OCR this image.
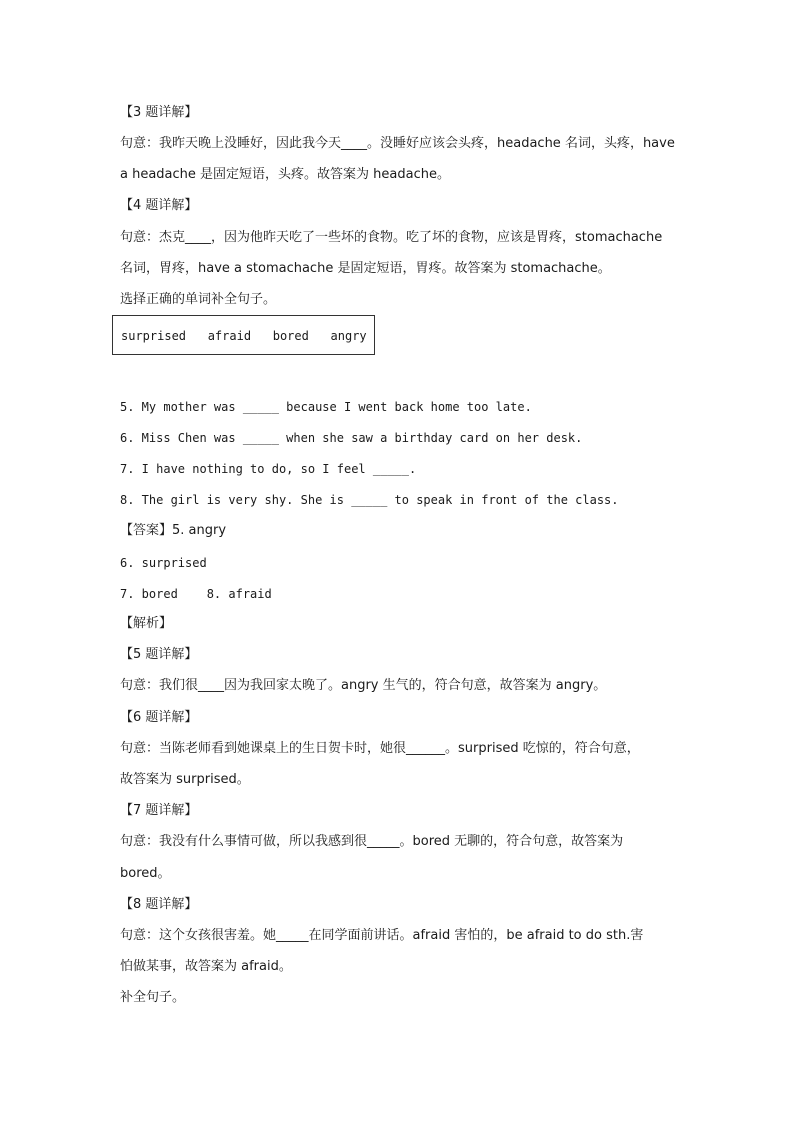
【3 题详解】
句意：我昨天晚上没睡好，因此我今天____。没睡好应该会头疼，headache 名词，头疼，have
a headache 是固定短语，头疼。故答案为 headache。
【4 题详解】
句意：杰克____，因为他昨天吃了一些坏的食物。吃了坏的食物，应该是胃疼，stomachache
名词，胃疼，have a stomachache 是固定短语，胃疼。故答案为 stomachache。
选择正确的单词补全句子。
surprised   afraid   bored   angry
5. My mother was _____ because I went back home too late.
6. Miss Chen was _____ when she saw a birthday card on her desk.
7. I have nothing to do, so I feel _____.
8. The girl is very shy. She is _____ to speak in front of the class.
【答案】5. angry
6. surprised
7. bored    8. afraid
【解析】
【5 题详解】
句意：我们很____因为我回家太晚了。angry 生气的，符合句意，故答案为 angry。
【6 题详解】
句意：当陈老师看到她课桌上的生日贺卡时，她很______。surprised 吃惊的，符合句意，
故答案为 surprised。
【7 题详解】
句意：我没有什么事情可做，所以我感到很_____。bored 无聊的，符合句意，故答案为
bored。
【8 题详解】
句意：这个女孩很害羞。她_____在同学面前讲话。afraid 害怕的，be afraid to do sth.害
怕做某事，故答案为 afraid。
补全句子。
